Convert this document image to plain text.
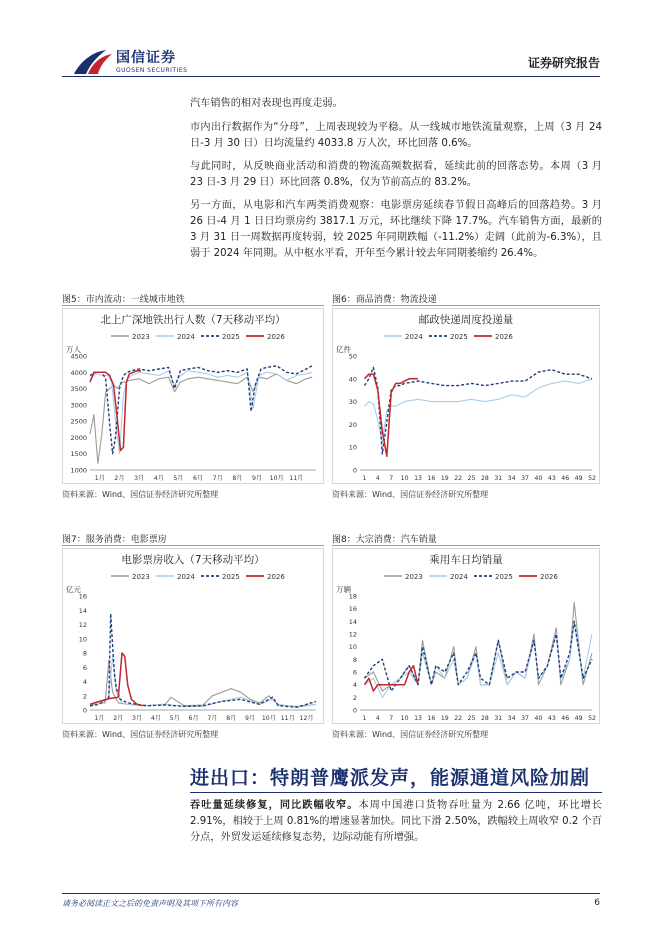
国信证券
GUOSEN SECURITIES
证券研究报告

汽车销售的相对表现也再度走弱。

市内出行数据作为“分母”，上周表现较为平稳。从一线城市地铁流量观察，上周（3 月 24 日-3 月 30 日）日均流量约 4033.8 万人次，环比回落 0.6%。

与此同时，从反映商业活动和消费的物流高频数据看，延续此前的回落态势。本周（3 月 23 日-3 月 29 日）环比回落 0.8%，仅为节前高点的 83.2%。

另一方面，从电影和汽车两类消费观察：电影票房延续春节假日高峰后的回落趋势。3 月 26 日-4 月 1 日日均票房约 3817.1 万元，环比继续下降 17.7%。汽车销售方面，最新的 3 月 31 日一周数据再度转弱，较 2025 年同期跌幅（-11.2%）走阔（此前为-6.3%），且弱于 2024 年同期。从中枢水平看，开年至今累计较去年同期萎缩约 26.4%。

图5：市内流动：一线城市地铁
北上广深地铁出行人数（7天移动平均）
2023	2024	2025	2026
万人
1000
1500
2000
2500
3000
3500
4000
4500
1月 2月 3月 4月 5月 6月 7月 8月 9月 10月 11月
资料来源：Wind、国信证券经济研究所整理
图6：商品消费：物流投递
邮政快递周度投递量
2024	2025	2026
亿件
0
10
20
30
40
50
1 4 7 10 13 16 19 22 25 28 31 34 37 40 43 46 49 52
资料来源：Wind、国信证券经济研究所整理
图7：服务消费：电影票房
电影票房收入（7天移动平均）
2023	2024	2025	2026
亿元
0
2
4
6
8
10
12
14
16
1月 2月 3月 4月 5月 6月 7月 8月 9月 10月 11月 12月
资料来源：Wind、国信证券经济研究所整理
图8：大宗消费：汽车销量
乘用车日均销量
2023	2024	2025	2026
万辆
0
2
4
6
8
10
12
14
16
18
1 4 7 10 13 16 19 22 25 28 31 34 37 40 43 46 49 52
资料来源：Wind、国信证券经济研究所整理
进出口：特朗普鹰派发声，能源通道风险加剧

吞吐量延续修复，同比跌幅收窄。本周中国港口货物吞吐量为 2.66 亿吨，环比增长 2.91%，相较于上周 0.81%的增速显著加快。同比下滑 2.50%，跌幅较上周收窄 0.2 个百分点，外贸发运延续修复态势，边际动能有所增强。

请务必阅读正文之后的免责声明及其项下所有内容	6
